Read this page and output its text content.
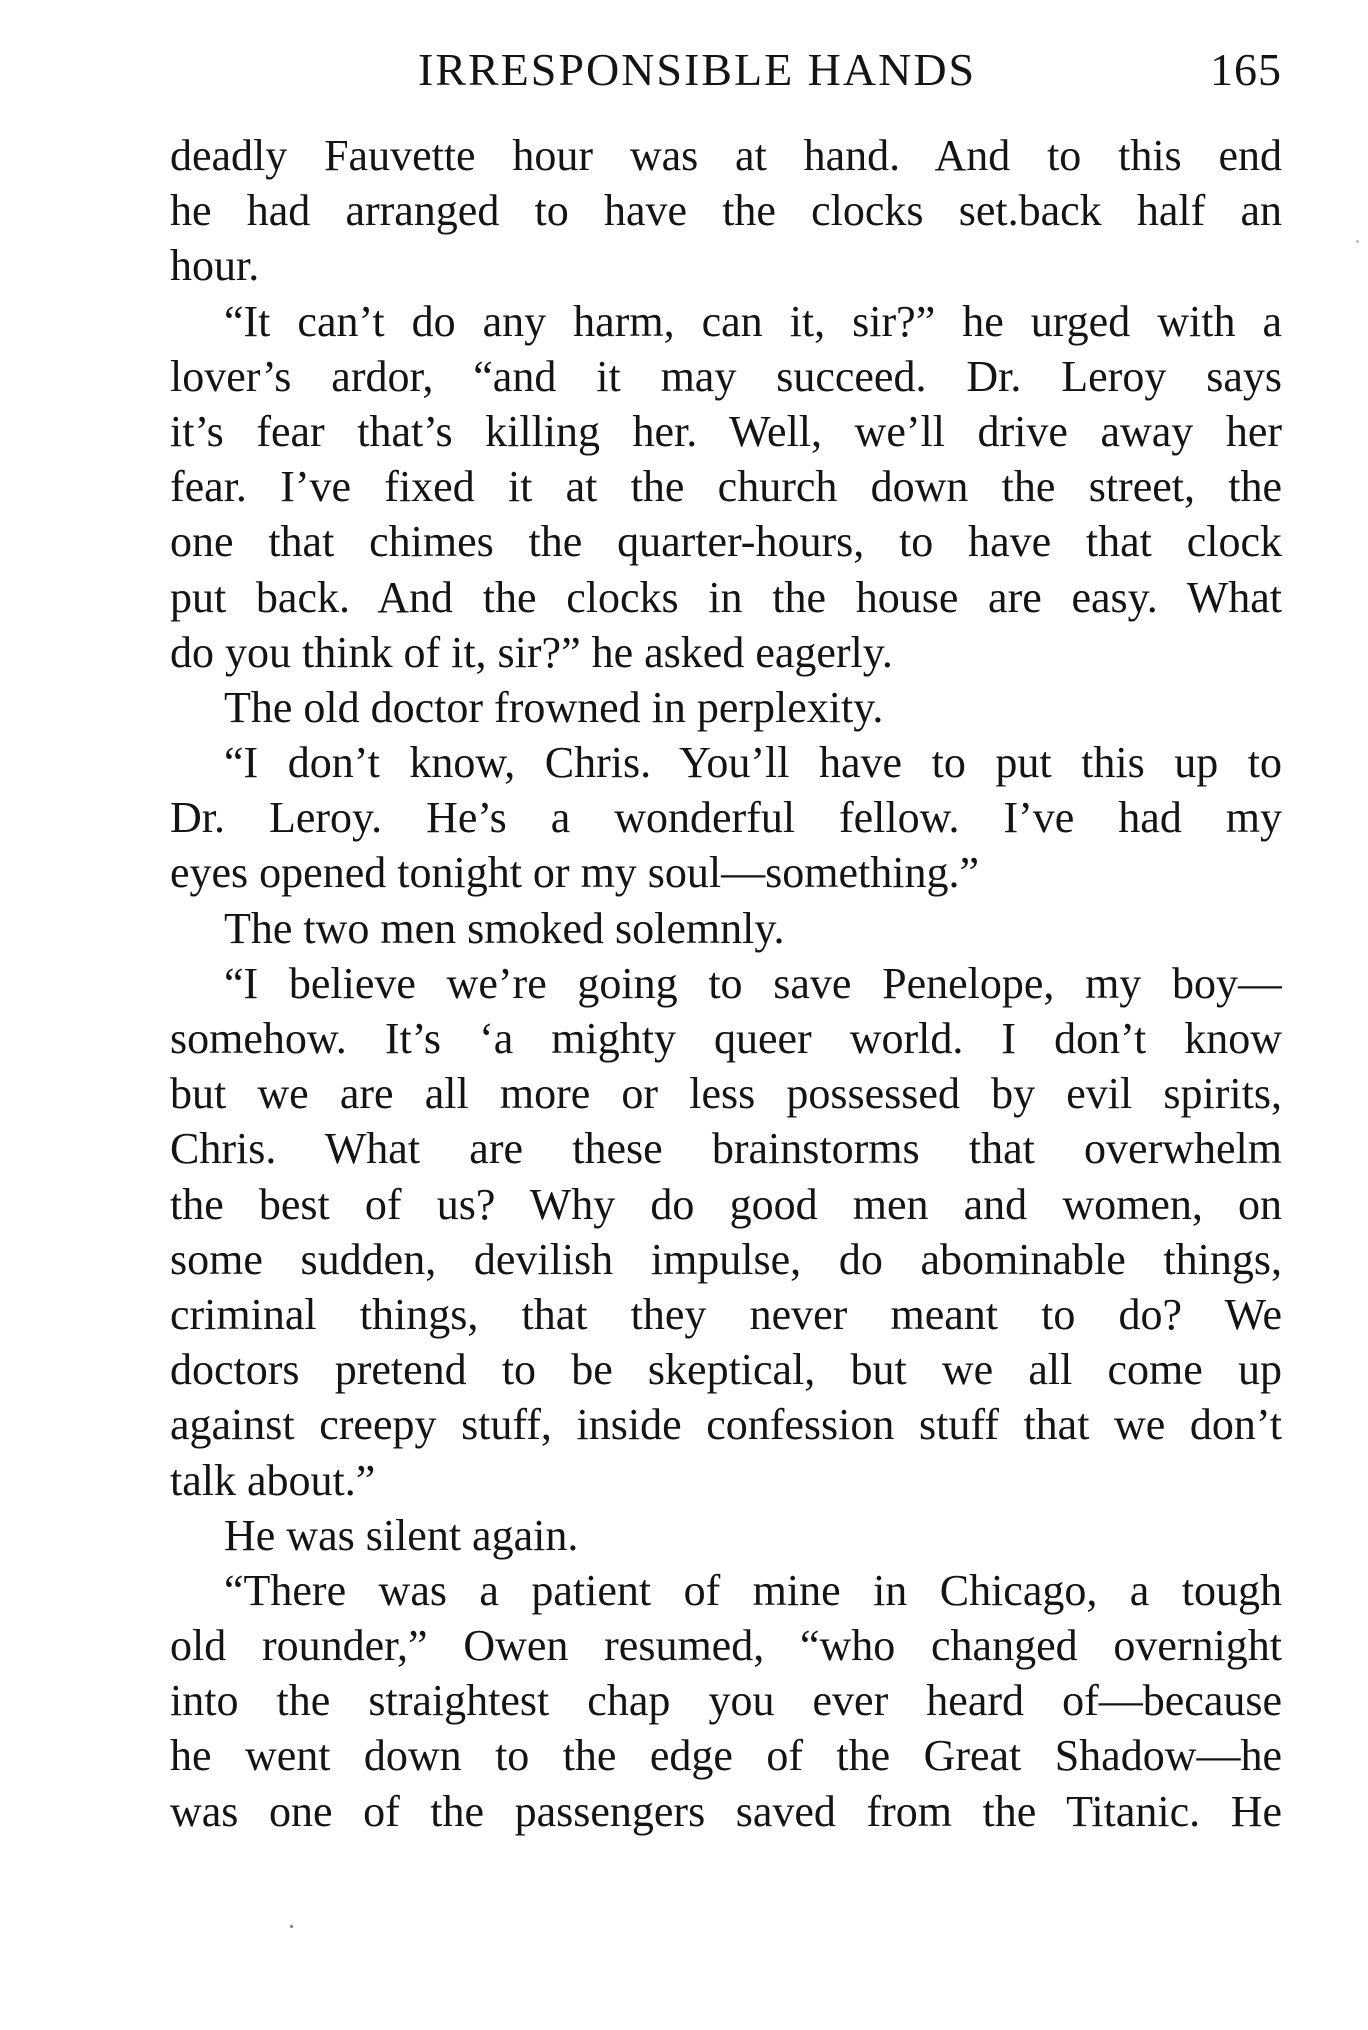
IRRESPONSIBLE HANDS	165
deadly Fauvette hour was at hand. And to this end
he had arranged to have the clocks set.back half an
hour.
“It can’t do any harm, can it, sir?” he urged with a
lover’s ardor, “and it may succeed. Dr. Leroy says
it’s fear that’s killing her. Well, we’ll drive away her
fear. I’ve fixed it at the church down the street, the
one that chimes the quarter-hours, to have that clock
put back. And the clocks in the house are easy. What
do you think of it, sir?” he asked eagerly.
The old doctor frowned in perplexity.
“I don’t know, Chris. You’ll have to put this up to
Dr. Leroy. He’s a wonderful fellow. I’ve had my
eyes opened tonight or my soul—something.”
The two men smoked solemnly.
“I believe we’re going to save Penelope, my boy—
somehow. It’s ‘a mighty queer world. I don’t know
but we are all more or less possessed by evil spirits,
Chris. What are these brainstorms that overwhelm
the best of us? Why do good men and women, on
some sudden, devilish impulse, do abominable things,
criminal things, that they never meant to do? We
doctors pretend to be skeptical, but we all come up
against creepy stuff, inside confession stuff that we don’t
talk about.”
He was silent again.
“There was a patient of mine in Chicago, a tough
old rounder,” Owen resumed, “who changed overnight
into the straightest chap you ever heard of—because
he went down to the edge of the Great Shadow—he
was one of the passengers saved from the Titanic. He
